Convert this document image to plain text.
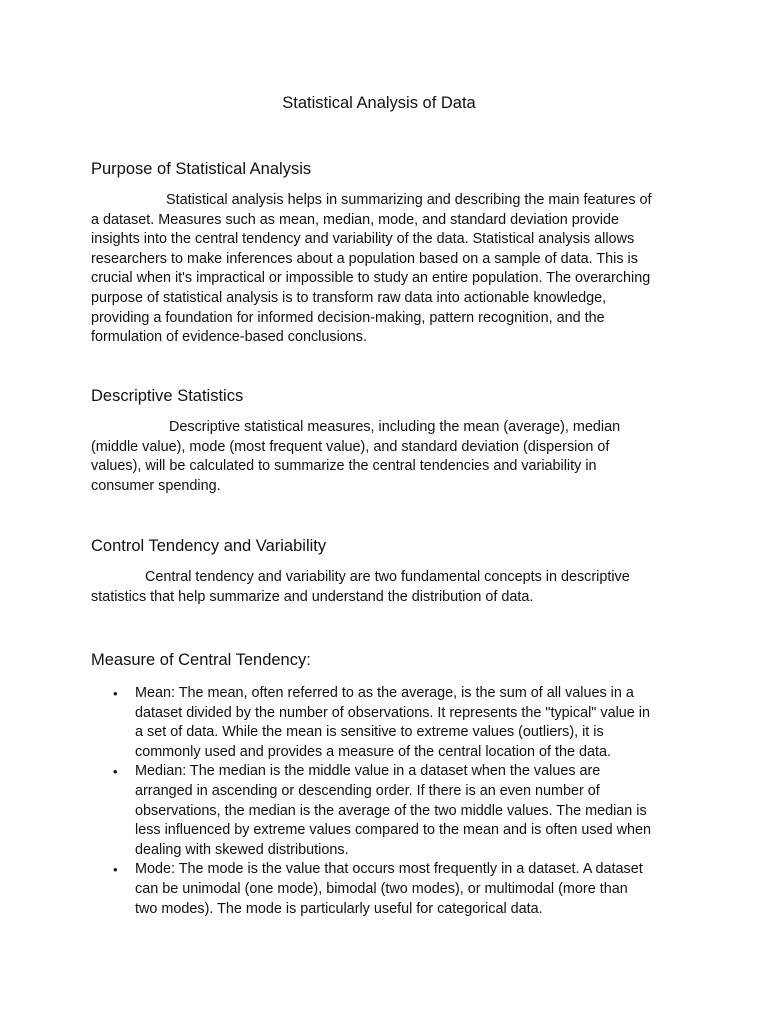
Statistical Analysis of Data
Purpose of Statistical Analysis
Statistical analysis helps in summarizing and describing the main features of
a dataset. Measures such as mean, median, mode, and standard deviation provide
insights into the central tendency and variability of the data. Statistical analysis allows
researchers to make inferences about a population based on a sample of data. This is
crucial when it's impractical or impossible to study an entire population. The overarching
purpose of statistical analysis is to transform raw data into actionable knowledge,
providing a foundation for informed decision-making, pattern recognition, and the
formulation of evidence-based conclusions.
Descriptive Statistics
Descriptive statistical measures, including the mean (average), median
(middle value), mode (most frequent value), and standard deviation (dispersion of
values), will be calculated to summarize the central tendencies and variability in
consumer spending.
Control Tendency and Variability
Central tendency and variability are two fundamental concepts in descriptive
statistics that help summarize and understand the distribution of data.
Measure of Central Tendency:
• Mean: The mean, often referred to as the average, is the sum of all values in a
dataset divided by the number of observations. It represents the "typical" value in
a set of data. While the mean is sensitive to extreme values (outliers), it is
commonly used and provides a measure of the central location of the data.
• Median: The median is the middle value in a dataset when the values are
arranged in ascending or descending order. If there is an even number of
observations, the median is the average of the two middle values. The median is
less influenced by extreme values compared to the mean and is often used when
dealing with skewed distributions.
• Mode: The mode is the value that occurs most frequently in a dataset. A dataset
can be unimodal (one mode), bimodal (two modes), or multimodal (more than
two modes). The mode is particularly useful for categorical data.
